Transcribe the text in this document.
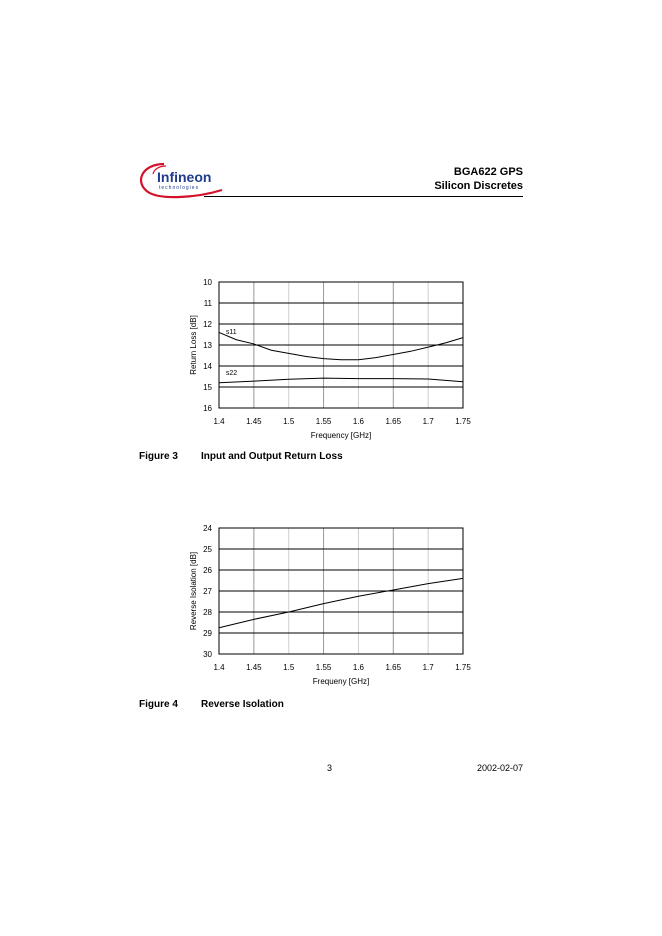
Infineon
technologies
BGA622 GPS
Silicon Discretes
1.4	1.45	1.5	1.55	1.6	1.65	1.7	1.75
10
11
12
13
14
15
16
Frequency [GHz]
Return Loss [dB]	s11
s22
Figure 3 Input and Output Return Loss
1.4	1.45	1.5	1.55	1.6	1.65	1.7	1.75
24
25
26
27
28
29
30
Frequeny [GHz]
Reverse Isolation [dB]
Figure 4 Reverse Isolation
3	2002-02-07
